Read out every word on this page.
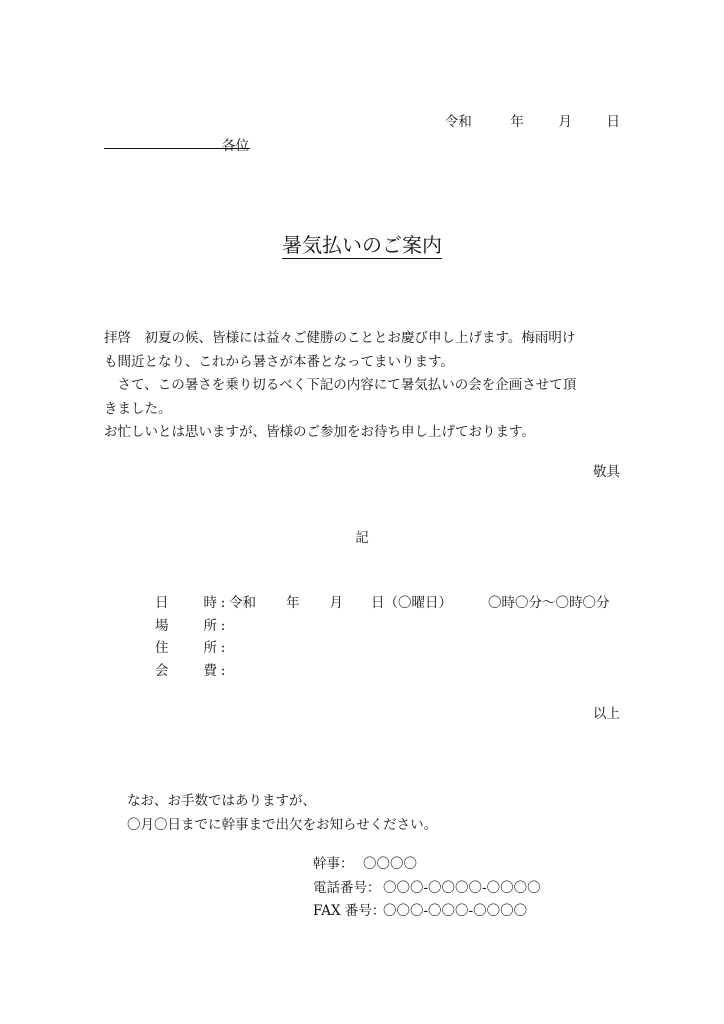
令和	年	月	日
各位
暑気払いのご案内

拝啓　初夏の候、皆様には益々ご健勝のこととお慶び申し上げます。梅雨明け

も間近となり、これから暑さが本番となってまいります。

　さて、この暑さを乗り切るべく下記の内容にて暑気払いの会を企画させて頂

きました。

お忙しいとは思いますが、皆様のご参加をお待ち申し上げております。

敬具
記
日	時 : 令和 年 月 日（〇曜日）	〇時〇分～〇時〇分
場	所 :
住	所 :
会	費 :
以上
なお、お手数ではありますが、
〇月〇日までに幹事まで出欠をお知らせください。
幹事： 〇〇〇〇
電話番号： 〇〇〇-〇〇〇〇-〇〇〇〇
FAX 番号：
〇〇〇-〇〇〇-〇〇〇〇
